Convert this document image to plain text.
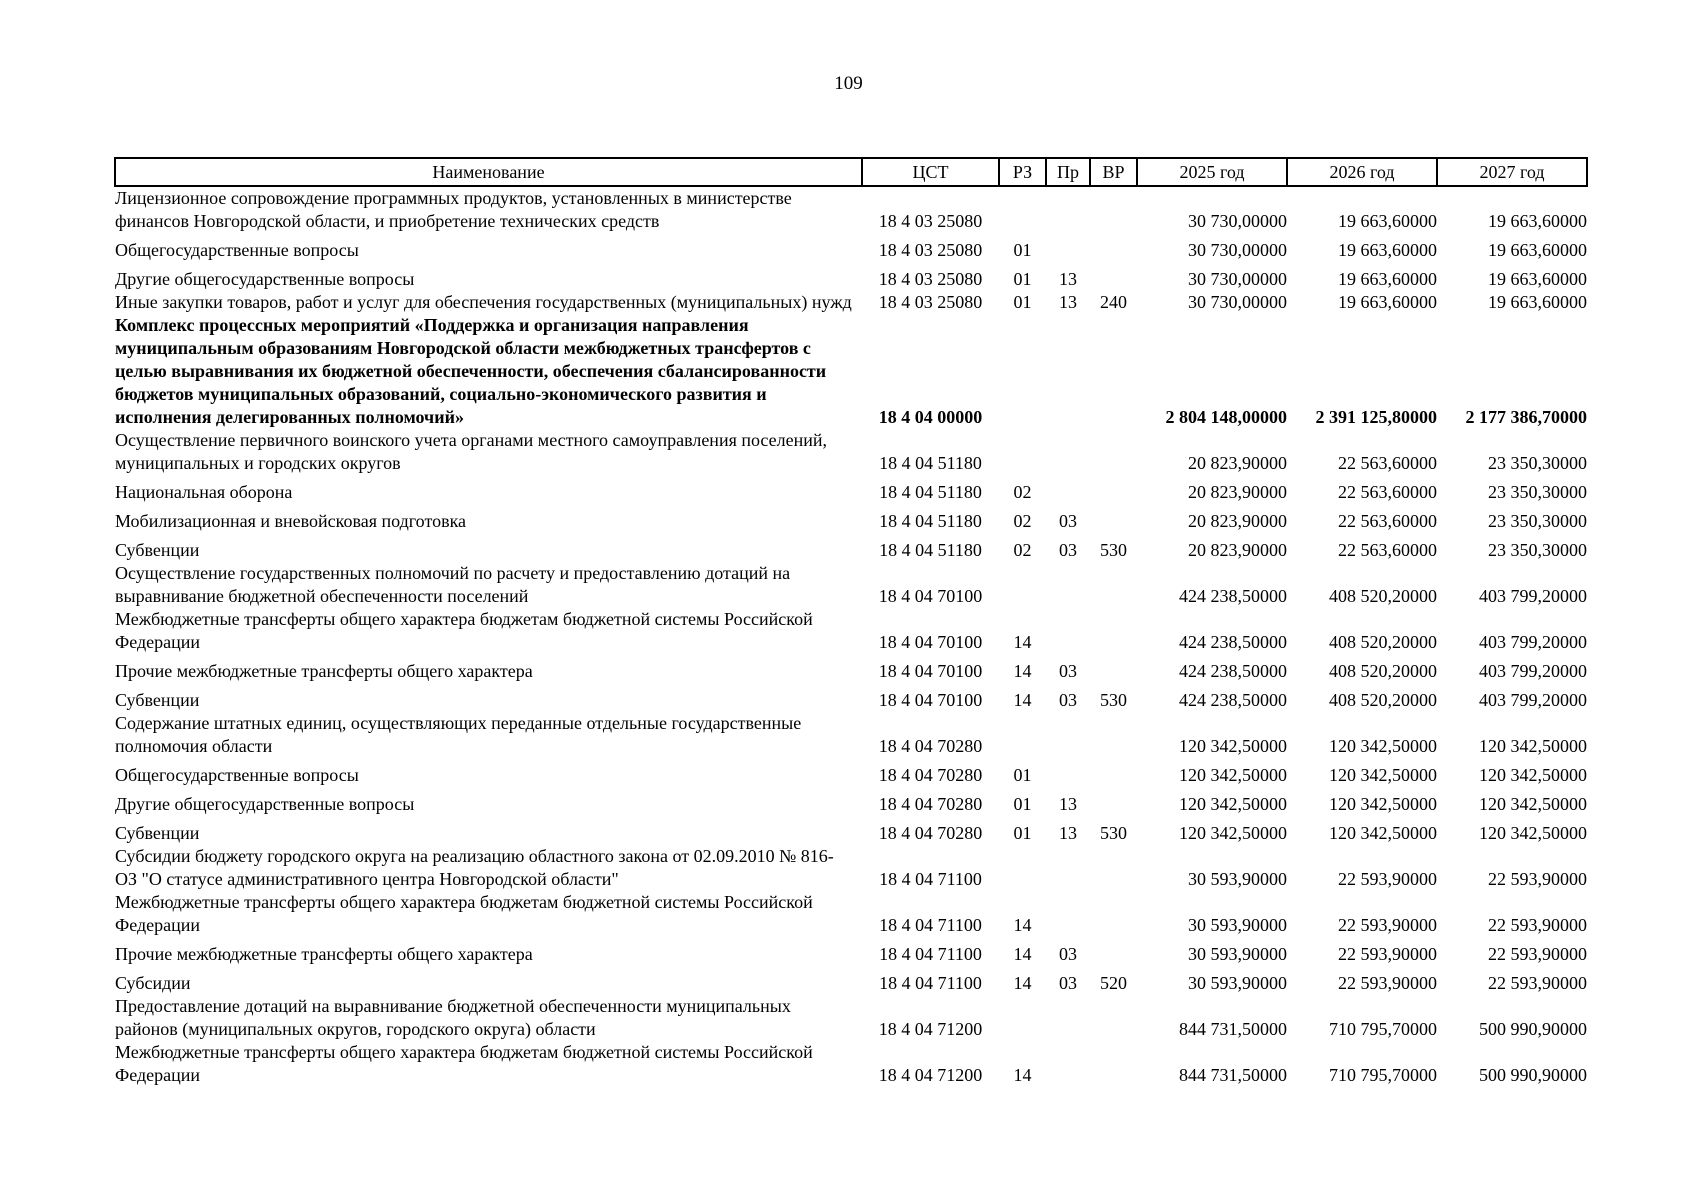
109
Наименование	ЦСТ	РЗ	Пр	ВР	2025 год	2026 год	2027 год
Лицензионное сопровождение программных продуктов, установленных в министерстве финансов Новгородской области, и приобретение технических средств	18 4 03 25080				30 730,00000	19 663,60000	19 663,60000
Общегосударственные вопросы	18 4 03 25080	01			30 730,00000	19 663,60000	19 663,60000
Другие общегосударственные вопросы	18 4 03 25080	01	13		30 730,00000	19 663,60000	19 663,60000
Иные закупки товаров, работ и услуг для обеспечения государственных (муниципальных) нужд	18 4 03 25080	01	13	240	30 730,00000	19 663,60000	19 663,60000
Комплекс процессных мероприятий «Поддержка и организация направления муниципальным образованиям Новгородской области межбюджетных трансфертов с целью выравнивания их бюджетной обеспеченности, обеспечения сбалансированности бюджетов муниципальных образований, социально-экономического развития и исполнения делегированных полномочий»	18 4 04 00000				2 804 148,00000	2 391 125,80000	2 177 386,70000
Осуществление первичного воинского учета органами местного самоуправления поселений, муниципальных и городских округов	18 4 04 51180				20 823,90000	22 563,60000	23 350,30000
Национальная оборона	18 4 04 51180	02			20 823,90000	22 563,60000	23 350,30000
Мобилизационная и вневойсковая подготовка	18 4 04 51180	02	03		20 823,90000	22 563,60000	23 350,30000
Субвенции	18 4 04 51180	02	03	530	20 823,90000	22 563,60000	23 350,30000
Осуществление государственных полномочий по расчету и предоставлению дотаций на выравнивание бюджетной обеспеченности поселений	18 4 04 70100				424 238,50000	408 520,20000	403 799,20000
Межбюджетные трансферты общего характера бюджетам бюджетной системы Российской Федерации	18 4 04 70100	14			424 238,50000	408 520,20000	403 799,20000
Прочие межбюджетные трансферты общего характера	18 4 04 70100	14	03		424 238,50000	408 520,20000	403 799,20000
Субвенции	18 4 04 70100	14	03	530	424 238,50000	408 520,20000	403 799,20000
Содержание штатных единиц, осуществляющих переданные отдельные государственные полномочия области	18 4 04 70280				120 342,50000	120 342,50000	120 342,50000
Общегосударственные вопросы	18 4 04 70280	01			120 342,50000	120 342,50000	120 342,50000
Другие общегосударственные вопросы	18 4 04 70280	01	13		120 342,50000	120 342,50000	120 342,50000
Субвенции	18 4 04 70280	01	13	530	120 342,50000	120 342,50000	120 342,50000
Субсидии бюджету городского округа на реализацию областного закона от 02.09.2010 № 816-ОЗ "О статусе административного центра Новгородской области"	18 4 04 71100				30 593,90000	22 593,90000	22 593,90000
Межбюджетные трансферты общего характера бюджетам бюджетной системы Российской Федерации	18 4 04 71100	14			30 593,90000	22 593,90000	22 593,90000
Прочие межбюджетные трансферты общего характера	18 4 04 71100	14	03		30 593,90000	22 593,90000	22 593,90000
Субсидии	18 4 04 71100	14	03	520	30 593,90000	22 593,90000	22 593,90000
Предоставление дотаций на выравнивание бюджетной обеспеченности муниципальных районов (муниципальных округов, городского округа) области	18 4 04 71200				844 731,50000	710 795,70000	500 990,90000
Межбюджетные трансферты общего характера бюджетам бюджетной системы Российской Федерации	18 4 04 71200	14			844 731,50000	710 795,70000	500 990,90000
